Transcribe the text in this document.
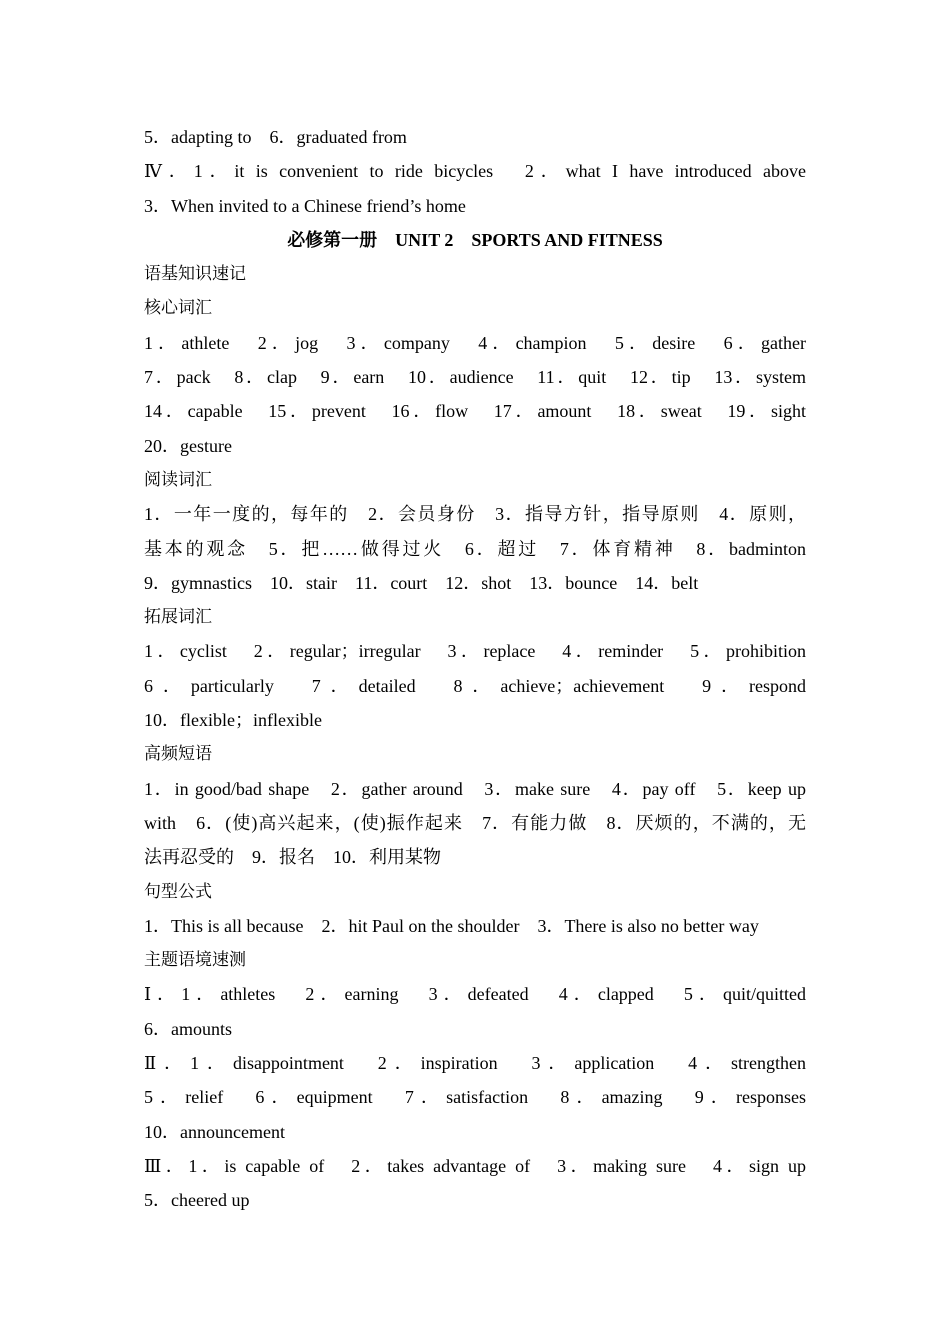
5．adapting to　6．graduated from
Ⅳ．1．it is convenient to ride bicycles　2．what I have introduced above
3．When invited to a Chinese friend’s home
必修第一册　UNIT 2　SPORTS AND FITNESS
语基知识速记
核心词汇
1．athlete　2．jog　3．company　4．champion　5．desire　6．gather
7．pack　8．clap　9．earn　10．audience　11．quit　12．tip　13．system
14．capable　15．prevent　16．flow　17．amount　18．sweat　19．sight
20．gesture
阅读词汇
1．一年一度的，每年的　2．会员身份　3．指导方针，指导原则　4．原则，
基本的观念　5．把……做得过火　6．超过　7．体育精神　8．badminton
9．gymnastics　10．stair　11．court　12．shot　13．bounce　14．belt
拓展词汇
1．cyclist　2．regular；irregular　3．replace　4．reminder　5．prohibition
6．particularly　7．detailed　8．achieve；achievement　9．respond
10．flexible；inflexible
高频短语
1．in good/bad shape　2．gather around　3．make sure　4．pay off　5．keep up
with　6．(使)高兴起来，(使)振作起来　7．有能力做　8．厌烦的，不满的，无
法再忍受的　9．报名　10．利用某物
句型公式
1．This is all because　2．hit Paul on the shoulder　3．There is also no better way
主题语境速测
Ⅰ．1．athletes　2．earning　3．defeated　4．clapped　5．quit/quitted
6．amounts
Ⅱ．1．disappointment　2．inspiration　3．application　4．strengthen
5．relief　6．equipment　7．satisfaction　8．amazing　9．responses
10．announcement
Ⅲ．1．is capable of　2．takes advantage of　3．making sure　4．sign up
5．cheered up
